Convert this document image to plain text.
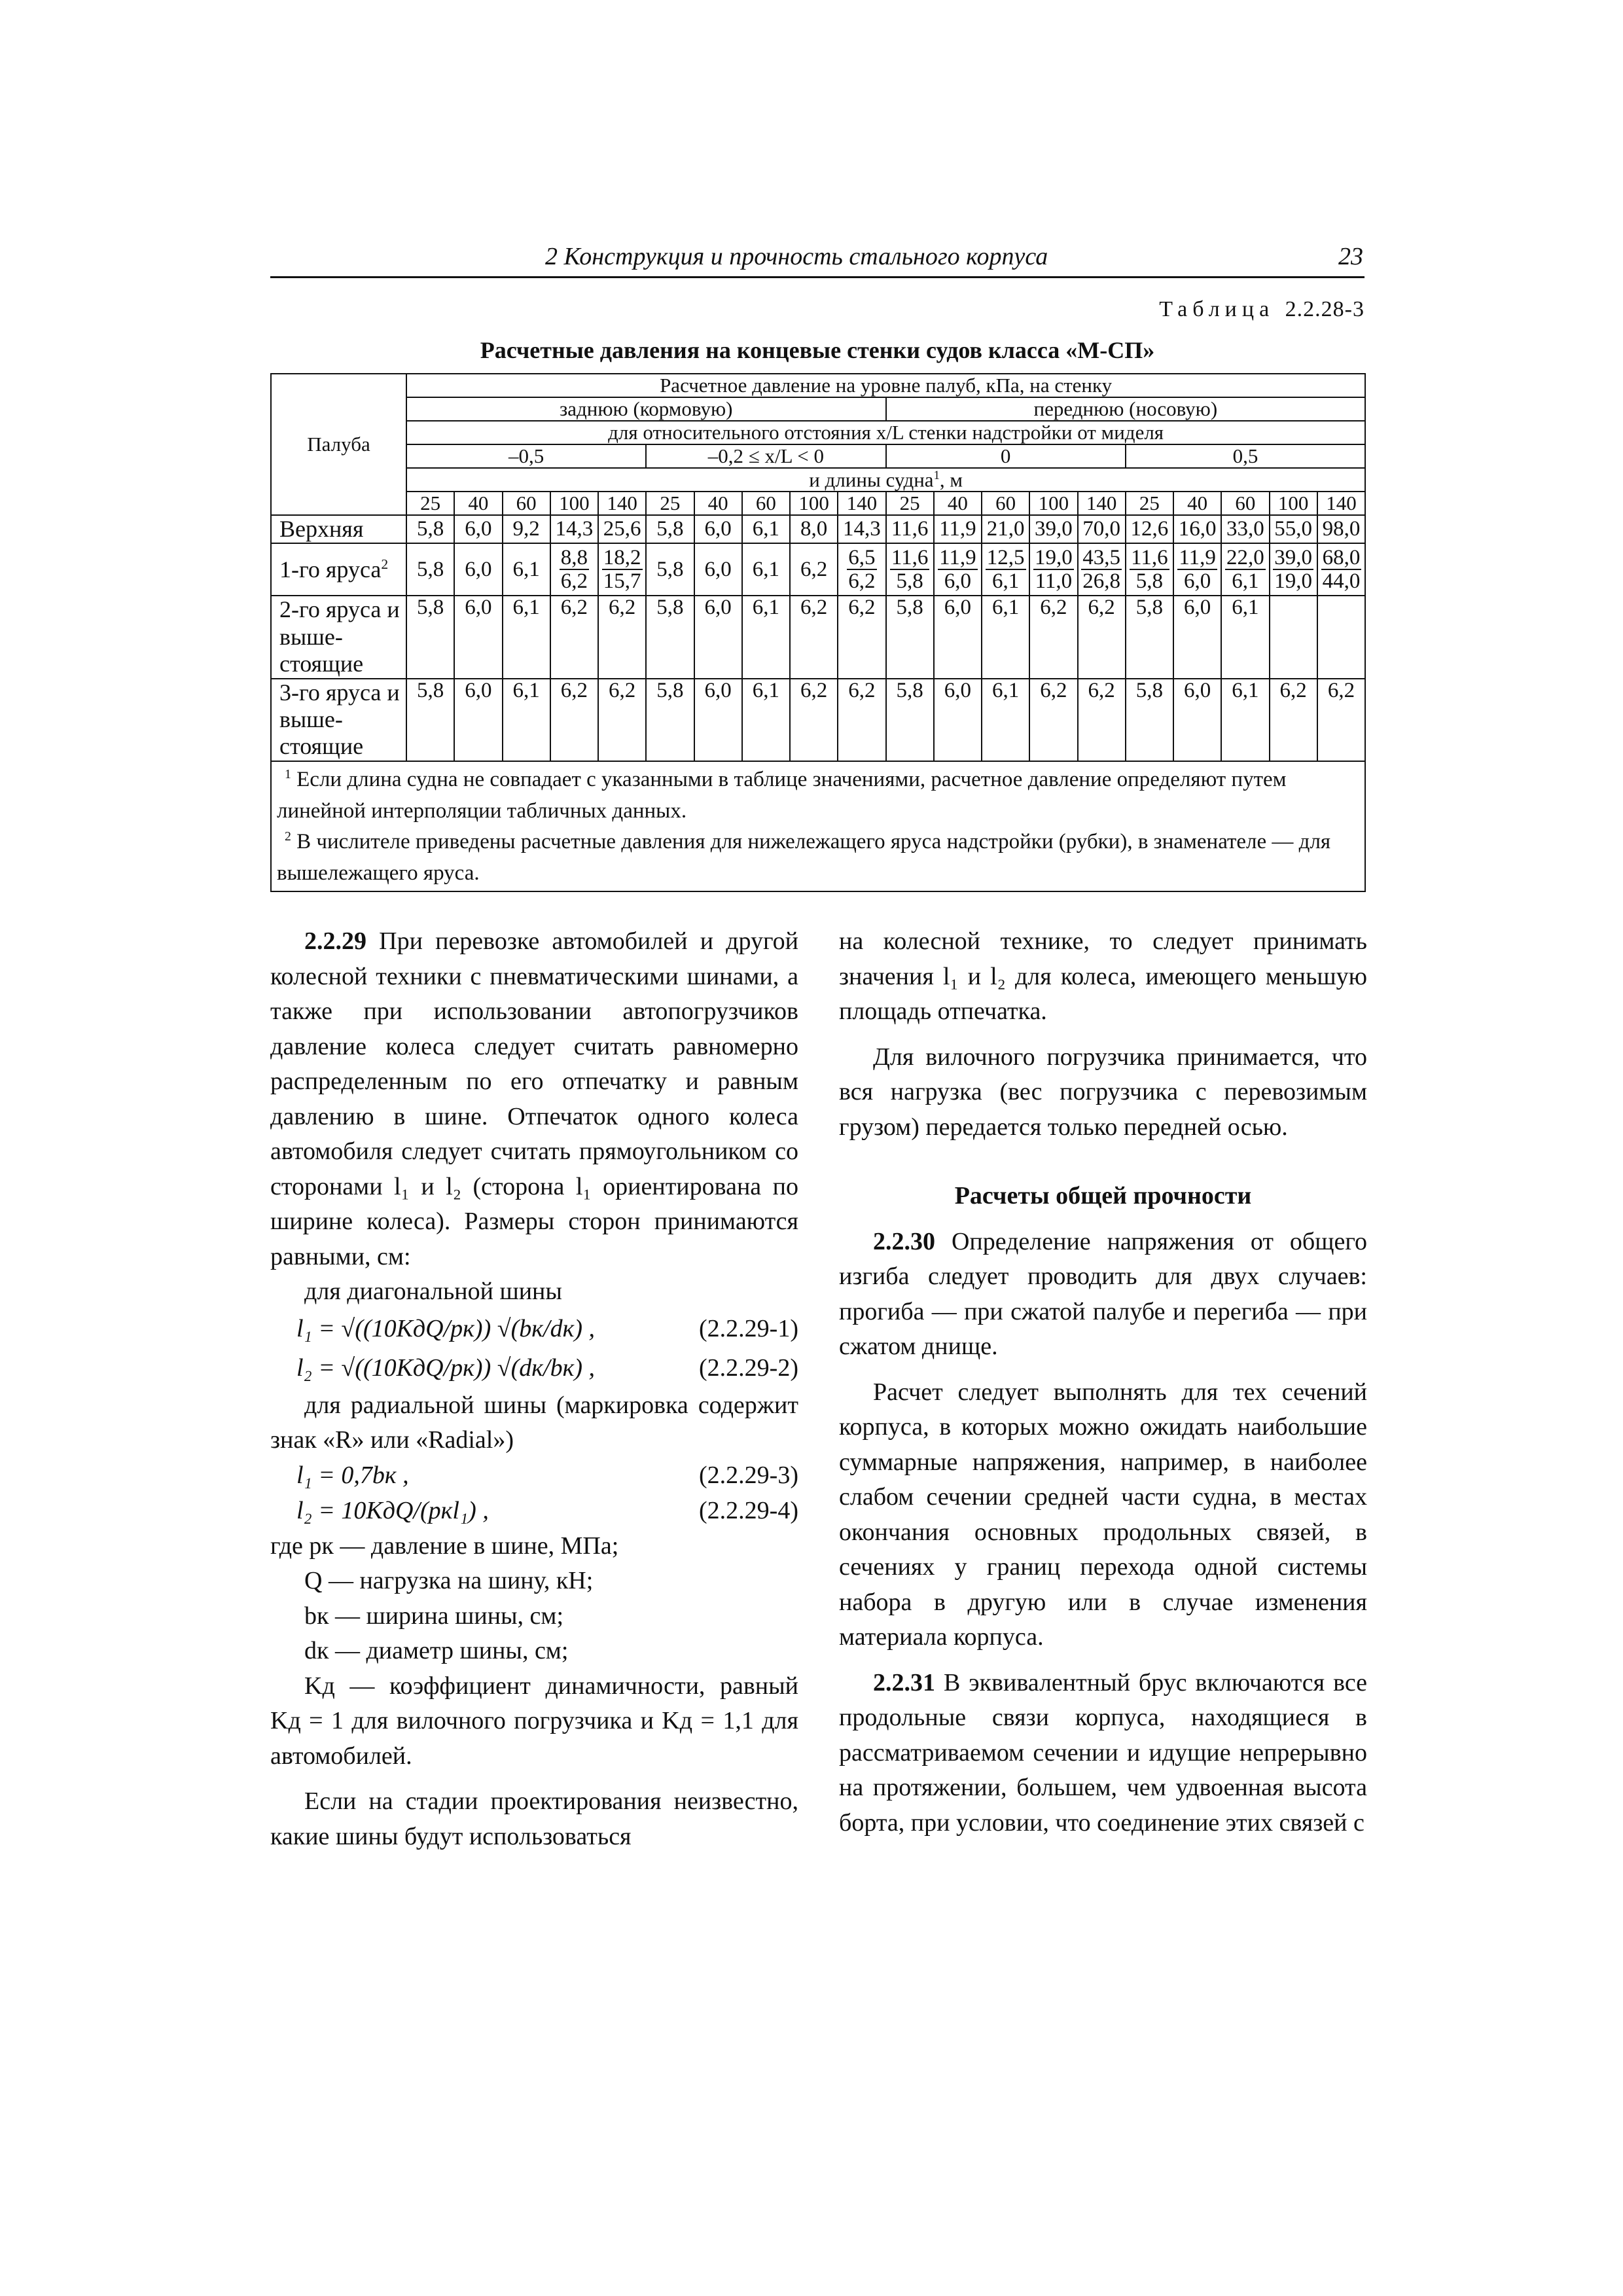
2 Конструкция и прочность стального корпуса	23
Таблица 2.2.28-3
Расчетные давления на концевые стенки судов класса «М-СП»
Палуба	Расчетное давление на уровне палуб, кПа, на стенку																			
	заднюю (кормовую)										переднюю (носовую)									
	для относительного отстояния x/L стенки надстройки от миделя																			
	–0,5					–0,2 ≤ x/L < 0					0					0,5				
	и длины судна$^1$, м																			
	25	40	60	100	140	25	40	60	100	140	25	40	60	100	140	25	40	60	100	140
Верхняя	5,8	6,0	9,2	14,3	25,6	5,8	6,0	6,1	8,0	14,3	11,6	11,9	21,0	39,0	70,0	12,6	16,0	33,0	55,0	98,0
1-го яруса$^2$	5,8	6,0	6,1	$\frac{8,8}{6,2}$	$\frac{18,2}{15,7}$	5,8	6,0	6,1	6,2	$\frac{6,5}{6,2}$	$\frac{11,6}{5,8}$	$\frac{11,9}{6,0}$	$\frac{12,5}{6,1}$	$\frac{19,0}{11,0}$	$\frac{43,5}{26,8}$	$\frac{11,6}{5,8}$	$\frac{11,9}{6,0}$	$\frac{22,0}{6,1}$	$\frac{39,0}{19,0}$	$\frac{68,0}{44,0}$

2-го яруса и выше-стоящие	5,8	6,0	6,1	6,2	6,2	5,8	6,0	6,1	6,2	6,2	5,8	6,0	6,1	6,2	6,2	5,8	6,0	6,1		
3-го яруса и выше-стоящие	5,8	6,0	6,1	6,2	6,2	5,8	6,0	6,1	6,2	6,2	5,8	6,0	6,1	6,2	6,2	5,8	6,0	6,1	6,2	6,2

$^1$ Если длина судна не совпадает с указанными в таблице значениями, расчетное давление определяют путем линейной интерполяции табличных данных.
$^2$ В числителе приведены расчетные давления для нижележащего яруса надстройки (рубки), в знаменателе — для вышележащего яруса.																				

2.2.29 При перевозке автомобилей и другой колесной техники с пневматическими шинами, а также при использовании автопогрузчиков давление колеса следует считать равномерно распределенным по его отпечатку и равным давлению в шине. Отпечаток одного колеса автомобиля следует считать прямоугольником со сторонами l₁ и l₂ (сторона l₁ ориентирована по ширине колеса). Размеры сторон принимаются равными, см:

для диагональной шины

l₁ = √((10KдQ/pк)) √(bк/dк) ,	(2.2.29-1)
l₂ = √((10KдQ/pк)) √(dк/bк) ,	(2.2.29-2)

для радиальной шины (маркировка содержит знак «R» или «Radial»)

l₁ = 0,7bк ,	(2.2.29-3)
l₂ = 10KдQ/(pкl₁) ,	(2.2.29-4)
где pк — давление в шине, МПа;
Q — нагрузка на шину, кН;
bк — ширина шины, см;
dк — диаметр шины, см;

Kд — коэффициент динамичности, равный Kд = 1 для вилочного погрузчика и Kд = 1,1 для автомобилей.

Если на стадии проектирования неизвестно, какие шины будут использоваться

на колесной технике, то следует принимать значения l₁ и l₂ для колеса, имеющего меньшую площадь отпечатка.

Для вилочного погрузчика принимается, что вся нагрузка (вес погрузчика с перевозимым грузом) передается только передней осью.

Расчеты общей прочности

2.2.30 Определение напряжения от общего изгиба следует проводить для двух случаев: прогиба — при сжатой палубе и перегиба — при сжатом днище.

Расчет следует выполнять для тех сечений корпуса, в которых можно ожидать наибольшие суммарные напряжения, например, в наиболее слабом сечении средней части судна, в местах окончания основных продольных связей, в сечениях у границ перехода одной системы набора в другую или в случае изменения материала корпуса.

2.2.31 В эквивалентный брус включаются все продольные связи корпуса, находящиеся в рассматриваемом сечении и идущие непрерывно на протяжении, большем, чем удвоенная высота борта, при условии, что соединение этих связей с
